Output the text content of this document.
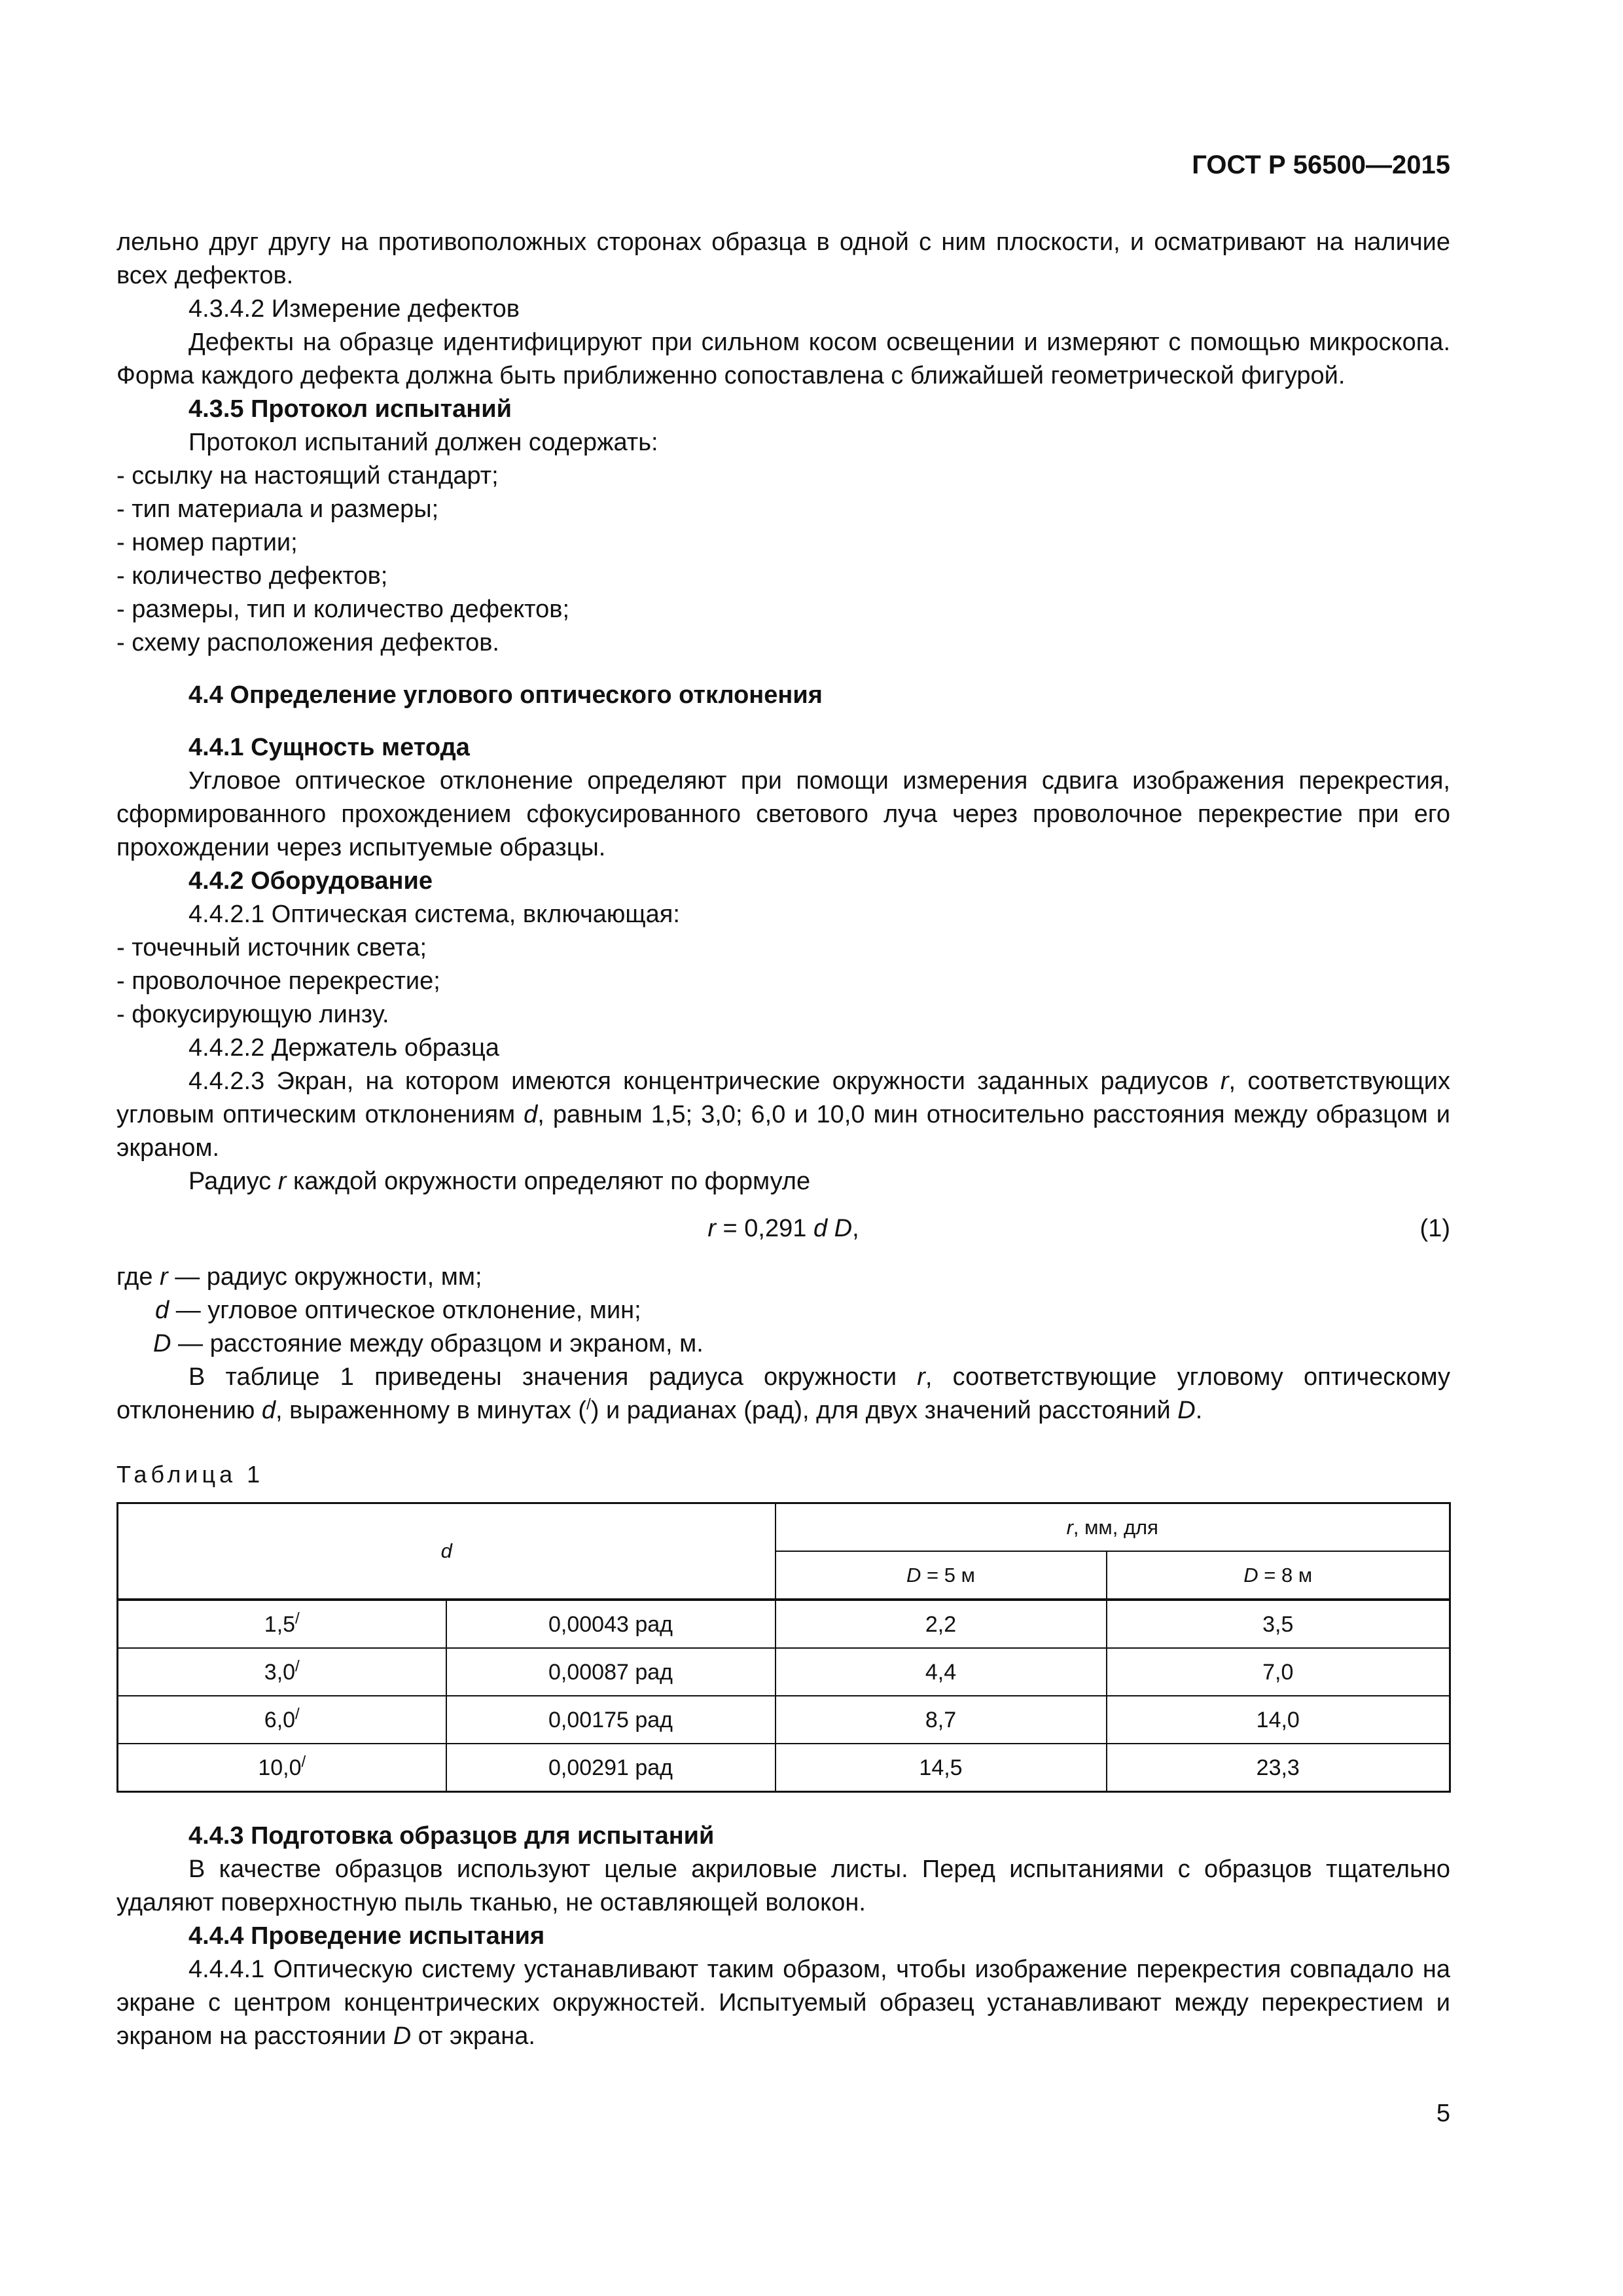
ГОСТ Р 56500—2015

лельно друг другу на противоположных сторонах образца в одной с ним плоскости, и осматривают на наличие всех дефектов.

4.3.4.2 Измерение дефектов

Дефекты на образце идентифицируют при сильном косом освещении и измеряют с помощью микроскопа. Форма каждого дефекта должна быть приближенно сопоставлена с ближайшей геометрической фигурой.

4.3.5 Протокол испытаний

Протокол испытаний должен содержать:

- ссылку на настоящий стандарт;

- тип материала и размеры;

- номер партии;

- количество дефектов;

- размеры, тип и количество дефектов;

- схему расположения дефектов.

4.4 Определение углового оптического отклонения

4.4.1 Сущность метода

Угловое оптическое отклонение определяют при помощи измерения сдвига изображения перекрестия, сформированного прохождением сфокусированного светового луча через проволочное перекрестие при его прохождении через испытуемые образцы.

4.4.2 Оборудование

4.4.2.1 Оптическая система, включающая:

- точечный источник света;

- проволочное перекрестие;

- фокусирующую линзу.

4.4.2.2 Держатель образца

4.4.2.3 Экран, на котором имеются концентрические окружности заданных радиусов r, соответствующих угловым оптическим отклонениям d, равным 1,5; 3,0; 6,0 и 10,0 мин относительно расстояния между образцом и экраном.

Радиус r каждой окружности определяют по формуле

r = 0,291 d D,	(1)

где r — радиус окружности, мм;

d — угловое оптическое отклонение, мин;

D — расстояние между образцом и экраном, м.

В таблице 1 приведены значения радиуса окружности r, соответствующие угловому оптическому отклонению d, выраженному в минутах (/) и радианах (рад), для двух значений расстояний D.

Таблица 1
d		r, мм, для	
		D = 5 м	D = 8 м
1,5/	0,00043 рад	2,2	3,5
3,0/	0,00087 рад	4,4	7,0
6,0/	0,00175 рад	8,7	14,0
10,0/	0,00291 рад	14,5	23,3

4.4.3 Подготовка образцов для испытаний

В качестве образцов используют целые акриловые листы. Перед испытаниями с образцов тщательно удаляют поверхностную пыль тканью, не оставляющей волокон.

4.4.4 Проведение испытания

4.4.4.1 Оптическую систему устанавливают таким образом, чтобы изображение перекрестия совпадало на экране с центром концентрических окружностей. Испытуемый образец устанавливают между перекрестием и экраном на расстоянии D от экрана.

5
